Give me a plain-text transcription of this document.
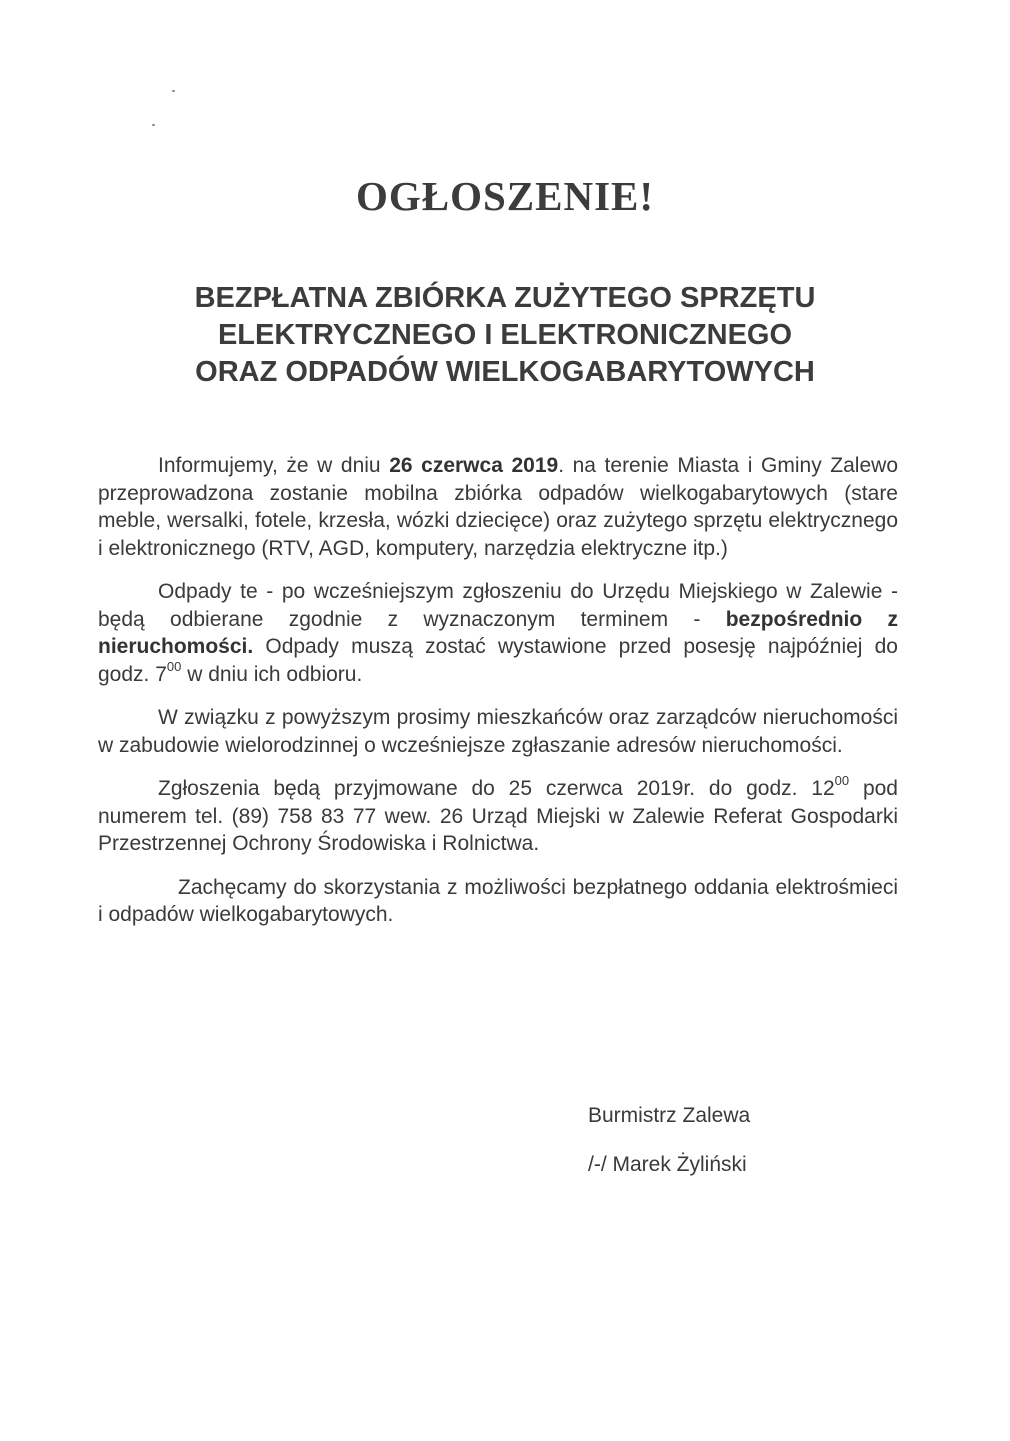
OGŁOSZENIE!
BEZPŁATNA ZBIÓRKA ZUŻYTEGO SPRZĘTU
ELEKTRYCZNEGO I ELEKTRONICZNEGO
ORAZ ODPADÓW WIELKOGABARYTOWYCH

Informujemy, że w dniu 26 czerwca 2019. na terenie Miasta i Gminy Zalewo przeprowadzona zostanie mobilna zbiórka odpadów wielkogabarytowych (stare meble, wersalki, fotele, krzesła, wózki dziecięce) oraz zużytego sprzętu elektrycznego i elektronicznego (RTV, AGD, komputery, narzędzia elektryczne itp.)

Odpady te - po wcześniejszym zgłoszeniu do Urzędu Miejskiego w Zalewie - będą odbierane zgodnie z wyznaczonym terminem - bezpośrednio z nieruchomości. Odpady muszą zostać wystawione przed posesję najpóźniej do godz. $7^{00}$ w dniu ich odbioru.

W związku z powyższym prosimy mieszkańców oraz zarządców nieruchomości w zabudowie wielorodzinnej o wcześniejsze zgłaszanie adresów nieruchomości.

Zgłoszenia będą przyjmowane do 25 czerwca 2019r. do godz. $12^{00}$ pod numerem tel. (89) 758 83 77 wew. 26 Urząd Miejski w Zalewie Referat Gospodarki Przestrzennej Ochrony Środowiska i Rolnictwa.

Zachęcamy do skorzystania z możliwości bezpłatnego oddania elektrośmieci i odpadów wielkogabarytowych.

Burmistrz Zalewa
/-/ Marek Żyliński
